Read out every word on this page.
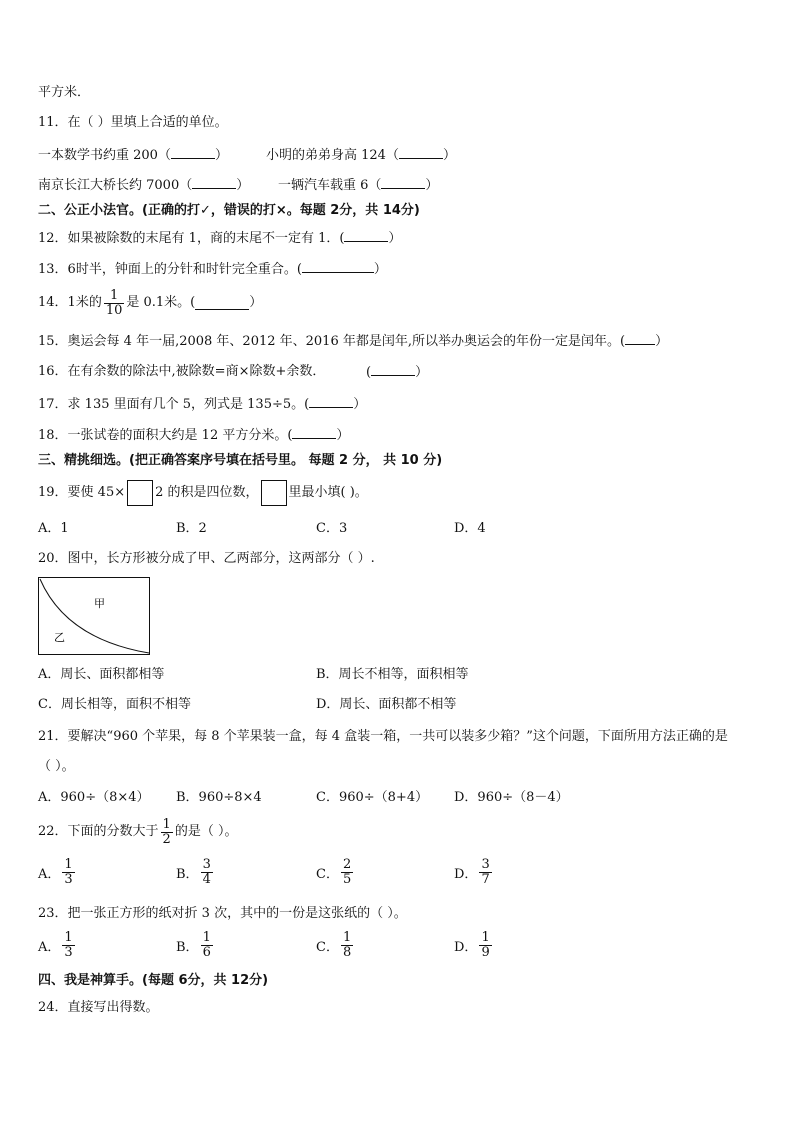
平方米．
11．在（ ）里填上合适的单位。
一本数学书约重 200（	）	小明的弟弟身高 124（	）
南京长江大桥长约 7000（	） 一辆汽车载重 6（	）
二、公正小法官。(正确的打✓，错误的打×。每题 2分，共 14分)
12．如果被除数的末尾有 1，商的末尾不一定有 1．(	）
13．6时半，钟面上的分针和时针完全重合。(	）
14．1米的 $\frac{1}{10}$ 是 0.1米。(	）
15．奥运会每 4 年一届,2008 年、2012 年、2016 年都是闰年,所以举办奥运会的年份一定是闰年。( ）
16．在有余数的除法中,被除数=商×除数+余数．	(	）
17．求 135 里面有几个 5，列式是 135÷5。(	）
18．一张试卷的面积大约是 12 平方分米。(	）
三、精挑细选。(把正确答案序号填在括号里。 每题 2 分， 共 10 分)
19．要使 45× 2 的积是四位数， 里最小填( )。
A．1	B．2	C．3	D．4
20．图中，长方形被分成了甲、乙两部分，这两部分（ ）.
甲
乙
A．周长、面积都相等	B．周长不相等，面积相等
C．周长相等，面积不相等	D．周长、面积都不相等
21．要解决“960 个苹果，每 8 个苹果装一盒，每 4 盒装一箱，一共可以装多少箱？”这个问题，下面所用方法正确的是
（ ）。
A．960÷（8×4） B．960÷8×4	C．960÷（8+4） D．960÷（8－4）
22．下面的分数大于 $\frac{1}{2}$ 的是（ ）。
A． $\frac{1}{3}$	B． $\frac{3}{4}$	C． $\frac{2}{5}$	D． $\frac{3}{7}$
23．把一张正方形的纸对折 3 次，其中的一份是这张纸的（ ）。
A． $\frac{1}{3}$	B． $\frac{1}{6}$	C． $\frac{1}{8}$	D． $\frac{1}{9}$
四、我是神算手。(每题 6分，共 12分)
24．直接写出得数。
